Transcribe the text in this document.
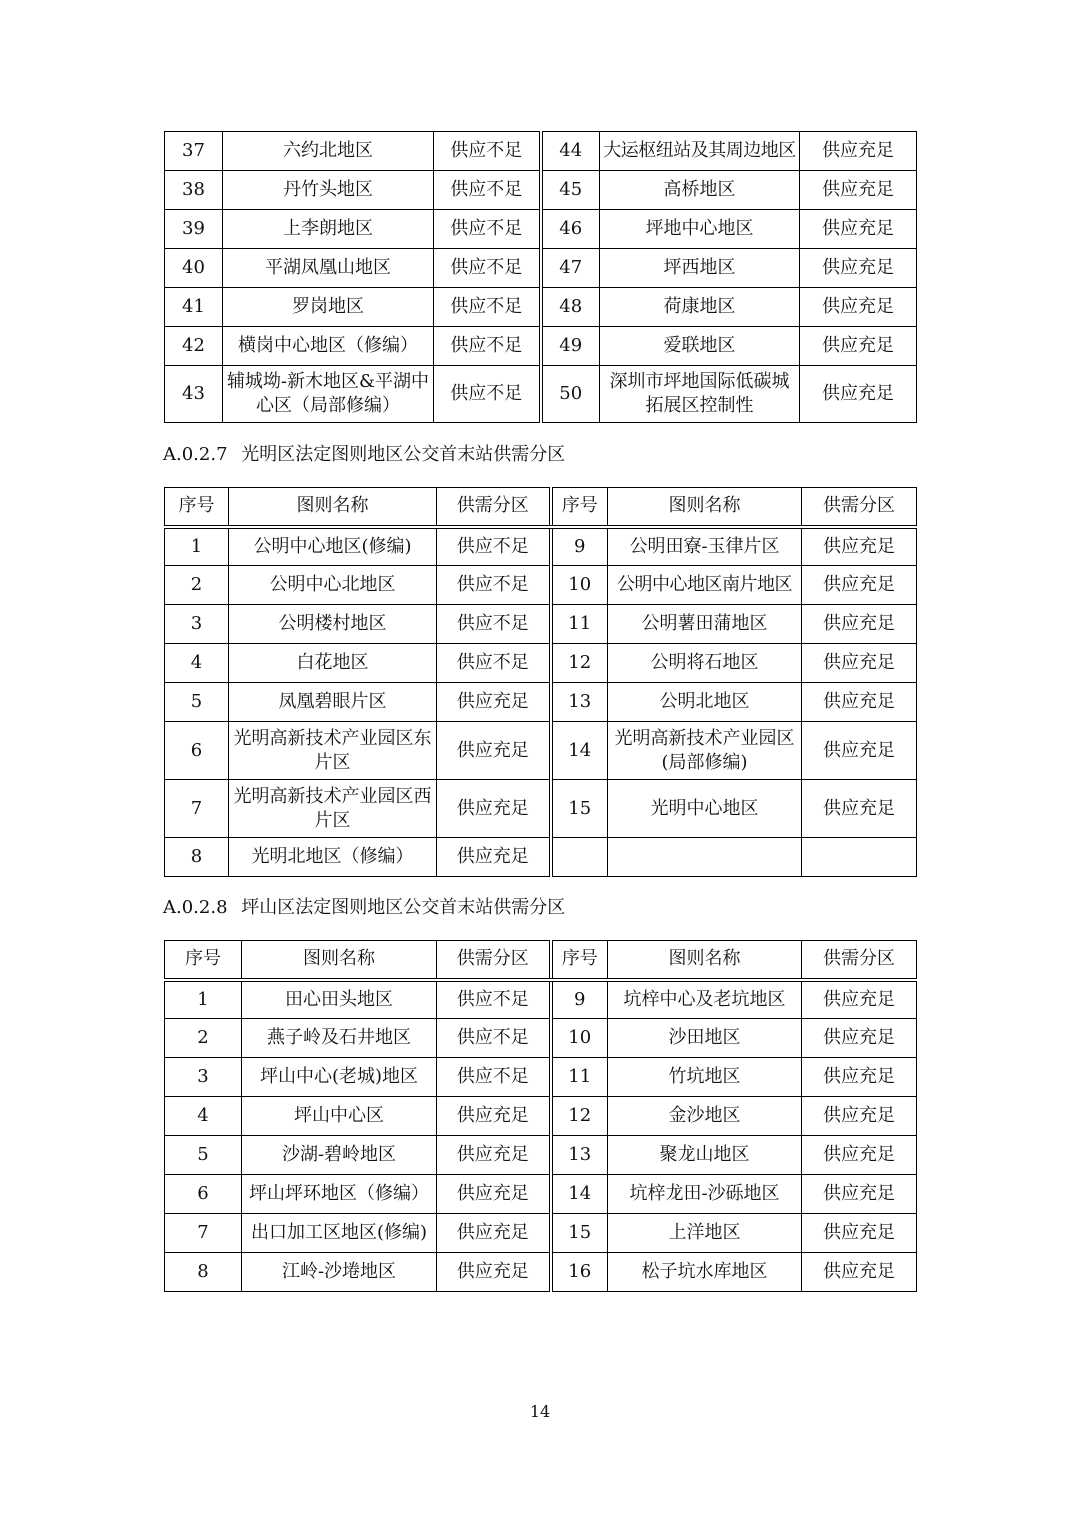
37	六约北地区	供应不足	44	大运枢纽站及其周边地区	供应充足
38	丹竹头地区	供应不足	45	高桥地区	供应充足
39	上李朗地区	供应不足	46	坪地中心地区	供应充足
40	平湖凤凰山地区	供应不足	47	坪西地区	供应充足
41	罗岗地区	供应不足	48	荷康地区	供应充足
42	横岗中心地区（修编）	供应不足	49	爱联地区	供应充足
43	辅城坳-新木地区&平湖中心区（局部修编）	供应不足	50	深圳市坪地国际低碳城拓展区控制性	供应充足
A.0.2.7 光明区法定图则地区公交首末站供需分区
序号	图则名称	供需分区	序号	图则名称	供需分区
1	公明中心地区(修编)	供应不足	9	公明田寮-玉律片区	供应充足
2	公明中心北地区	供应不足	10	公明中心地区南片地区	供应充足
3	公明楼村地区	供应不足	11	公明薯田蒲地区	供应充足
4	白花地区	供应不足	12	公明将石地区	供应充足
5	凤凰碧眼片区	供应充足	13	公明北地区	供应充足
6	光明高新技术产业园区东片区	供应充足	14	光明高新技术产业园区(局部修编)	供应充足
7	光明高新技术产业园区西片区	供应充足	15	光明中心地区	供应充足
8	光明北地区（修编）	供应充足			
A.0.2.8 坪山区法定图则地区公交首末站供需分区
序号	图则名称	供需分区	序号	图则名称	供需分区
1	田心田头地区	供应不足	9	坑梓中心及老坑地区	供应充足
2	燕子岭及石井地区	供应不足	10	沙田地区	供应充足
3	坪山中心(老城)地区	供应不足	11	竹坑地区	供应充足
4	坪山中心区	供应充足	12	金沙地区	供应充足
5	沙湖-碧岭地区	供应充足	13	聚龙山地区	供应充足
6	坪山坪环地区（修编）	供应充足	14	坑梓龙田-沙砾地区	供应充足
7	出口加工区地区(修编)	供应充足	15	上洋地区	供应充足
8	江岭-沙埢地区	供应充足	16	松子坑水库地区	供应充足
14
